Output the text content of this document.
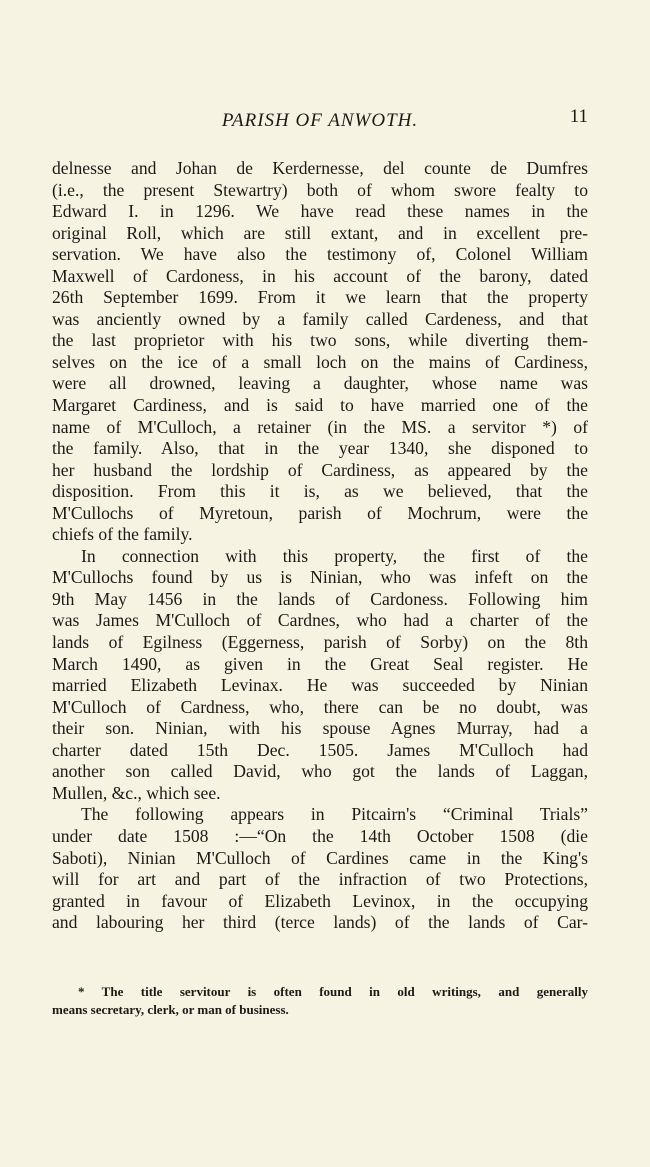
PARISH OF ANWOTH.	11
delnesse and Johan de Kerdernesse, del counte de Dumfres
(i.e., the present Stewartry) both of whom swore fealty to
Edward I. in 1296. We have read these names in the
original Roll, which are still extant, and in excellent pre-
servation. We have also the testimony of, Colonel William
Maxwell of Cardoness, in his account of the barony, dated
26th September 1699. From it we learn that the property
was anciently owned by a family called Cardeness, and that
the last proprietor with his two sons, while diverting them-
selves on the ice of a small loch on the mains of Cardiness,
were all drowned, leaving a daughter, whose name was
Margaret Cardiness, and is said to have married one of the
name of M'Culloch, a retainer (in the MS. a servitor *) of
the family. Also, that in the year 1340, she disponed to
her husband the lordship of Cardiness, as appeared by the
disposition. From this it is, as we believed, that the
M'Cullochs of Myretoun, parish of Mochrum, were the
chiefs of the family.
In connection with this property, the first of the
M'Cullochs found by us is Ninian, who was infeft on the
9th May 1456 in the lands of Cardoness. Following him
was James M'Culloch of Cardnes, who had a charter of the
lands of Egilness (Eggerness, parish of Sorby) on the 8th
March 1490, as given in the Great Seal register. He
married Elizabeth Levinax. He was succeeded by Ninian
M'Culloch of Cardness, who, there can be no doubt, was
their son. Ninian, with his spouse Agnes Murray, had a
charter dated 15th Dec. 1505. James M'Culloch had
another son called David, who got the lands of Laggan,
Mullen, &c., which see.
The following appears in Pitcairn's “Criminal Trials”
under date 1508 :—“On the 14th October 1508 (die
Saboti), Ninian M'Culloch of Cardines came in the King's
will for art and part of the infraction of two Protections,
granted in favour of Elizabeth Levinox, in the occupying
and labouring her third (terce lands) of the lands of Car-
* The title servitour is often found in old writings, and generally
means secretary, clerk, or man of business.
